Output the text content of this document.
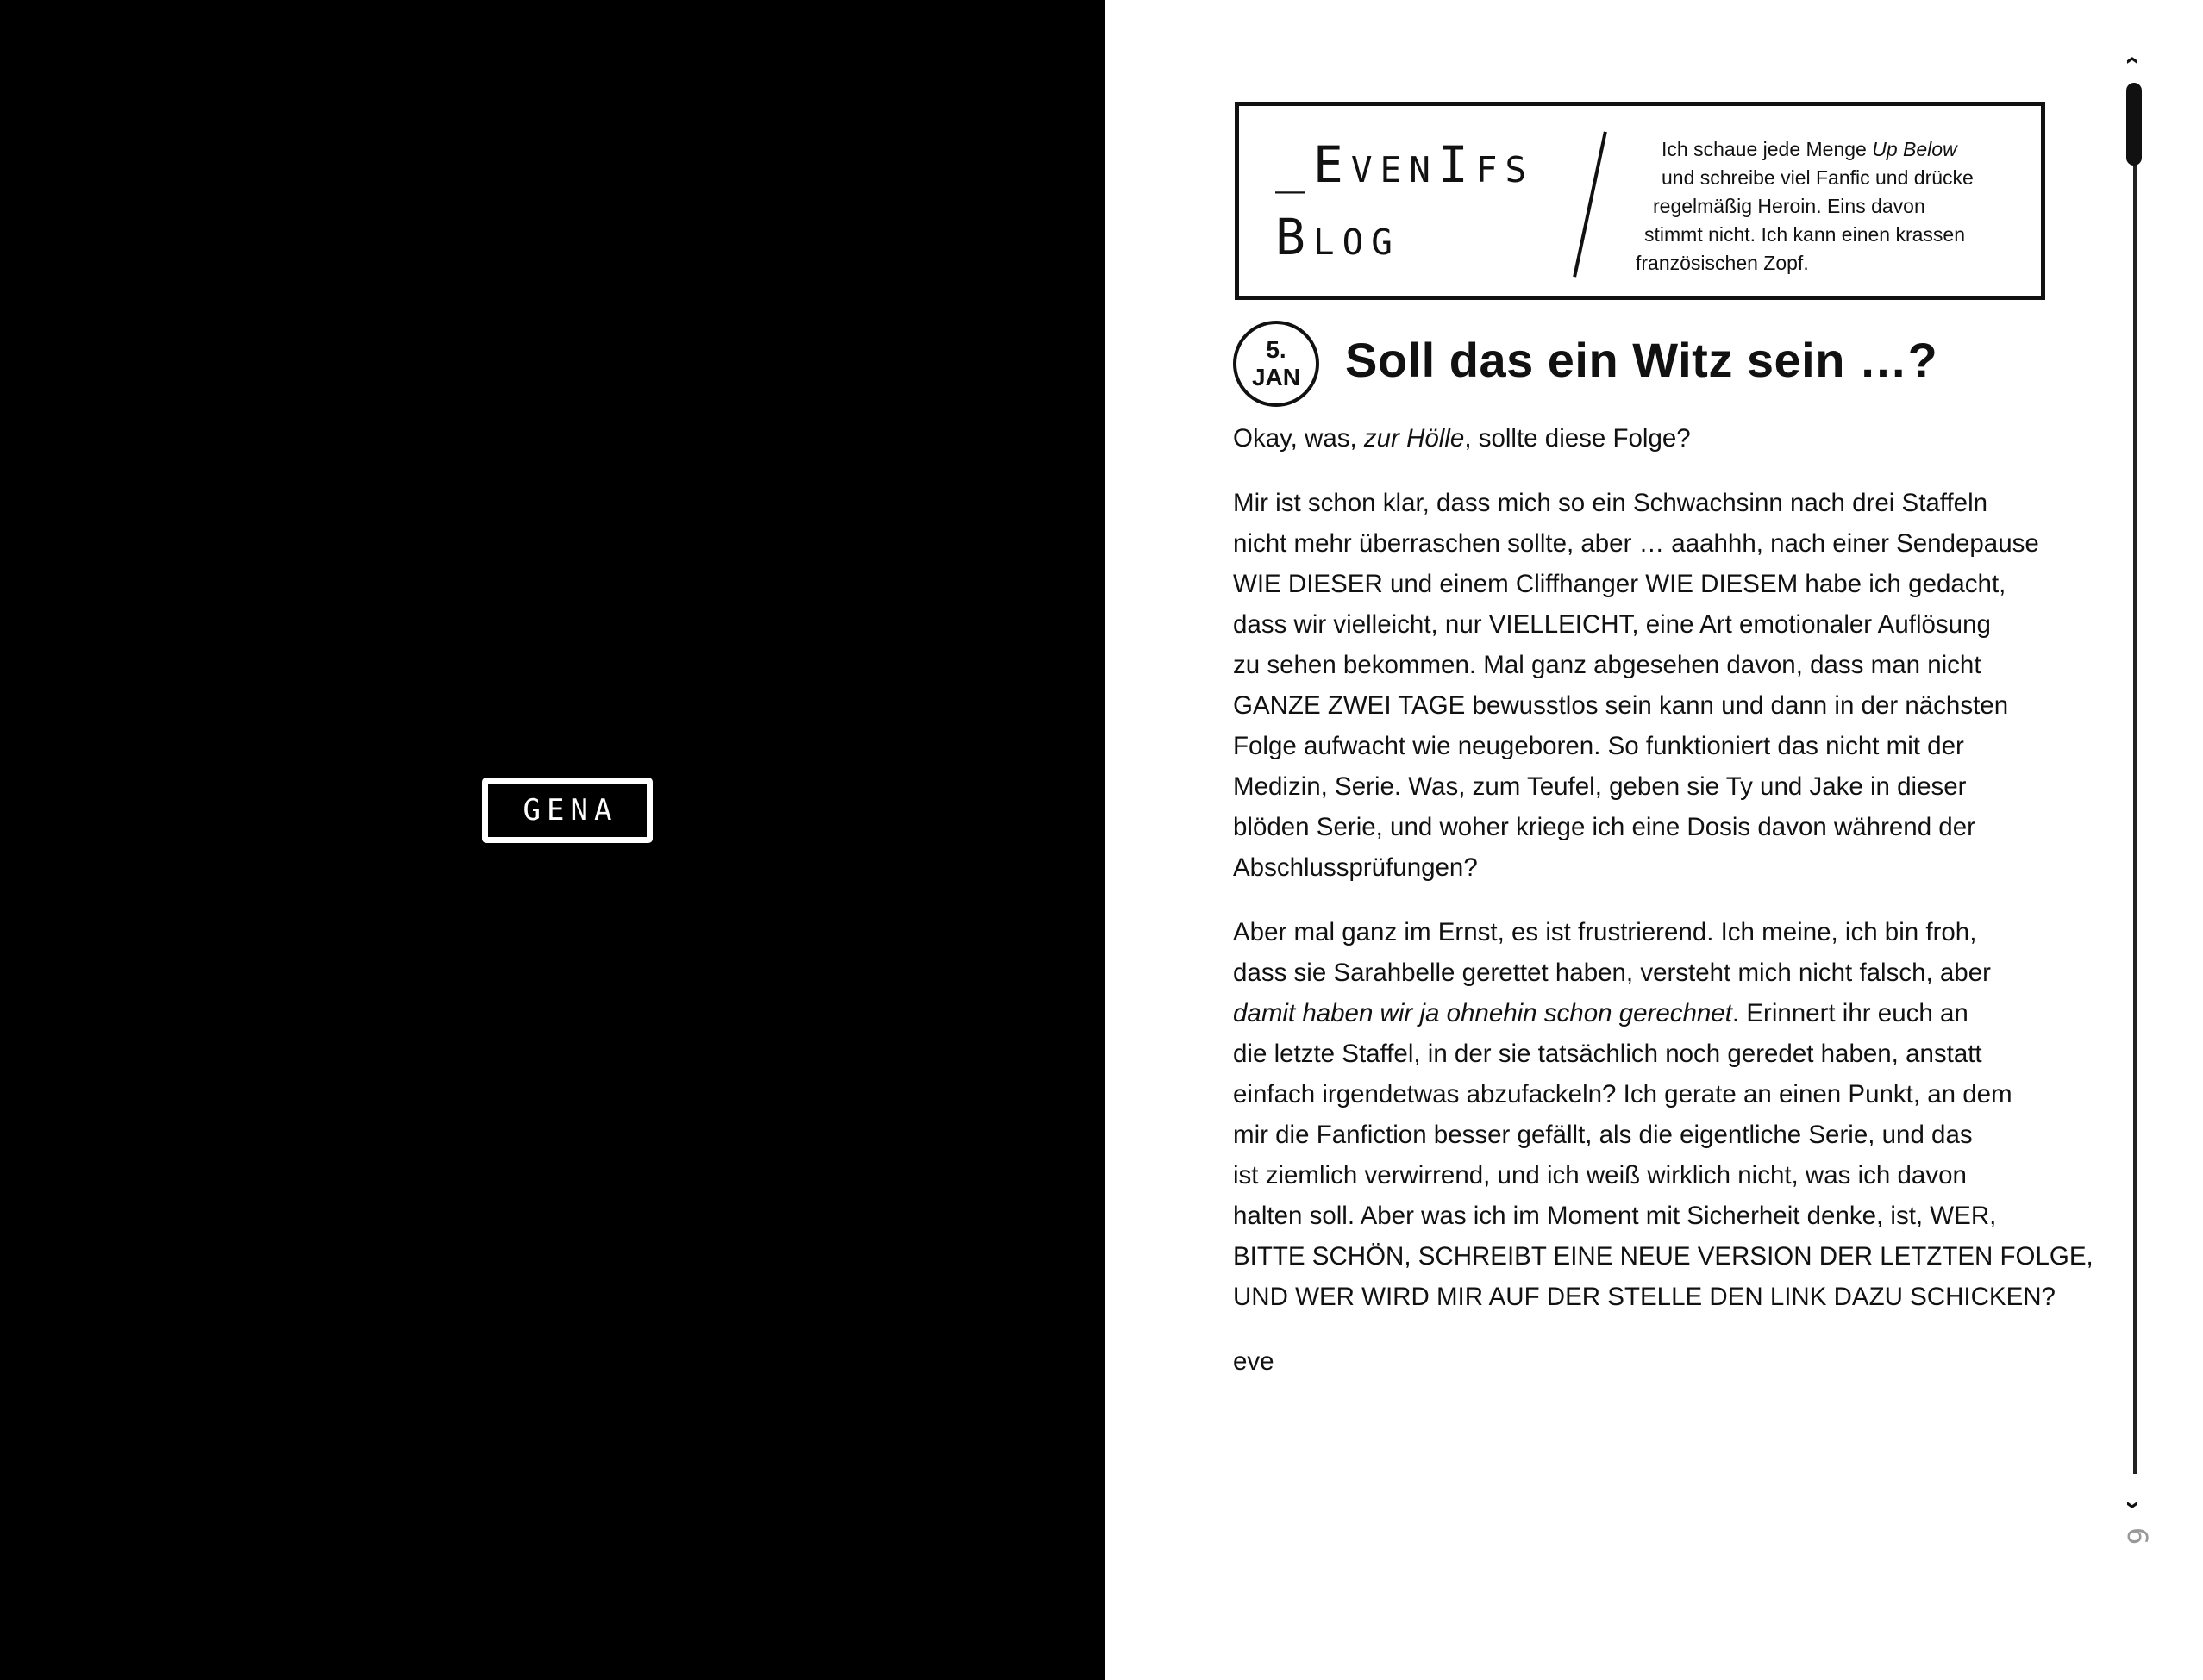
GENA
_EvenIfs
Blog
Ich schaue jede Menge Up Below
und schreibe viel Fanfic und drücke
regelmäßig Heroin. Eins davon
stimmt nicht. Ich kann einen krassen
französischen Zopf.
5.
JAN Soll das ein Witz sein …?

Okay, was, zur Hölle, sollte diese Folge?

Mir ist schon klar, dass mich so ein Schwachsinn nach drei Staffeln
nicht mehr überraschen sollte, aber … aaahhh, nach einer Sendepause
WIE DIESER und einem Cliffhanger WIE DIESEM habe ich gedacht,
dass wir vielleicht, nur VIELLEICHT, eine Art emotionaler Auflösung
zu sehen bekommen. Mal ganz abgesehen davon, dass man nicht
GANZE ZWEI TAGE bewusstlos sein kann und dann in der nächsten
Folge aufwacht wie neugeboren. So funktioniert das nicht mit der
Medizin, Serie. Was, zum Teufel, geben sie Ty und Jake in dieser
blöden Serie, und woher kriege ich eine Dosis davon während der
Abschlussprüfungen?

Aber mal ganz im Ernst, es ist frustrierend. Ich meine, ich bin froh,
dass sie Sarahbelle gerettet haben, versteht mich nicht falsch, aber
damit haben wir ja ohnehin schon gerechnet. Erinnert ihr euch an
die letzte Staffel, in der sie tatsächlich noch geredet haben, anstatt
einfach irgendetwas abzufackeln? Ich gerate an einen Punkt, an dem
mir die Fanfiction besser gefällt, als die eigentliche Serie, und das
ist ziemlich verwirrend, und ich weiß wirklich nicht, was ich davon
halten soll. Aber was ich im Moment mit Sicherheit denke, ist, WER,
BITTE SCHÖN, SCHREIBT EINE NEUE VERSION DER LETZTEN FOLGE,
UND WER WIRD MIR AUF DER STELLE DEN LINK DAZU SCHICKEN?

eve

‹
›
6
